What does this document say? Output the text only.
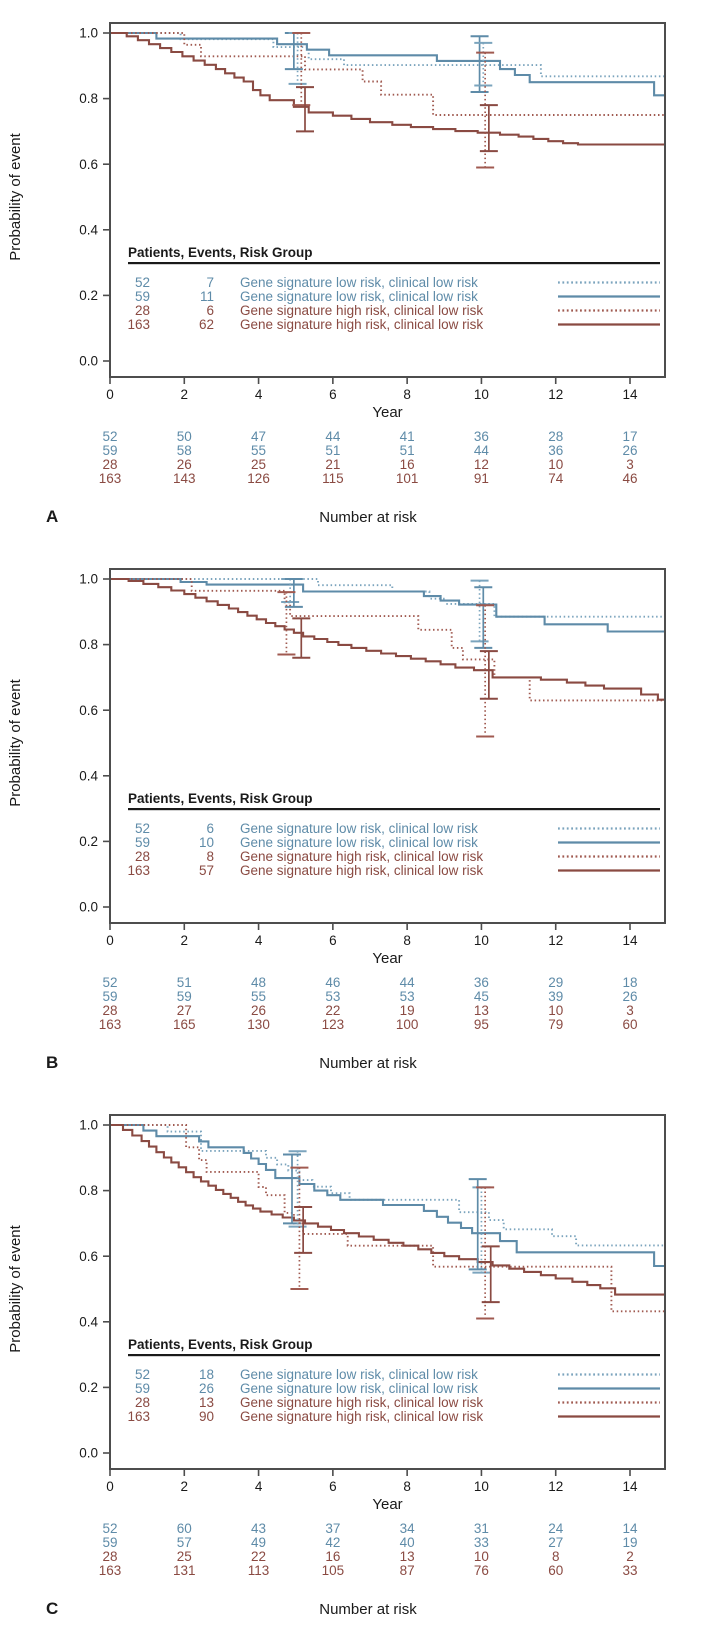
1.0
0.8
0.6
0.4
0.2
0.0
0	2	4	6	8	10	12	14
Year
Probability of event	Patients, Events, Risk Group
52	7 Gene signature low risk, clinical low risk
59	11 Gene signature low risk, clinical low risk
28	6 Gene signature high risk, clinical low risk
163	62 Gene signature high risk, clinical low risk
52	50	47	44	41	36	28	17
59	58	55	51	51	44	36	26
28	26	25	21	16	12	10	3
163	143	126	115	101	91	74	46
A	Number at risk
1.0
0.8
0.6
0.4
0.2
0.0
0	2	4	6	8	10	12	14
Year
Probability of event	Patients, Events, Risk Group
52	6 Gene signature low risk, clinical low risk
59	10 Gene signature low risk, clinical low risk
28	8 Gene signature high risk, clinical low risk
163	57 Gene signature high risk, clinical low risk
52	51	48	46	44	36	29	18
59	59	55	53	53	45	39	26
28	27	26	22	19	13	10	3
163	165	130	123	100	95	79	60
B	Number at risk
1.0
0.8
0.6
0.4
0.2
0.0
0	2	4	6	8	10	12	14
Year
Probability of event	Patients, Events, Risk Group
52	18 Gene signature low risk, clinical low risk
59	26 Gene signature low risk, clinical low risk
28	13 Gene signature high risk, clinical low risk
163	90 Gene signature high risk, clinical low risk
52	60	43	37	34	31	24	14
59	57	49	42	40	33	27	19
28	25	22	16	13	10	8	2
163	131	113	105	87	76	60	33
C	Number at risk
